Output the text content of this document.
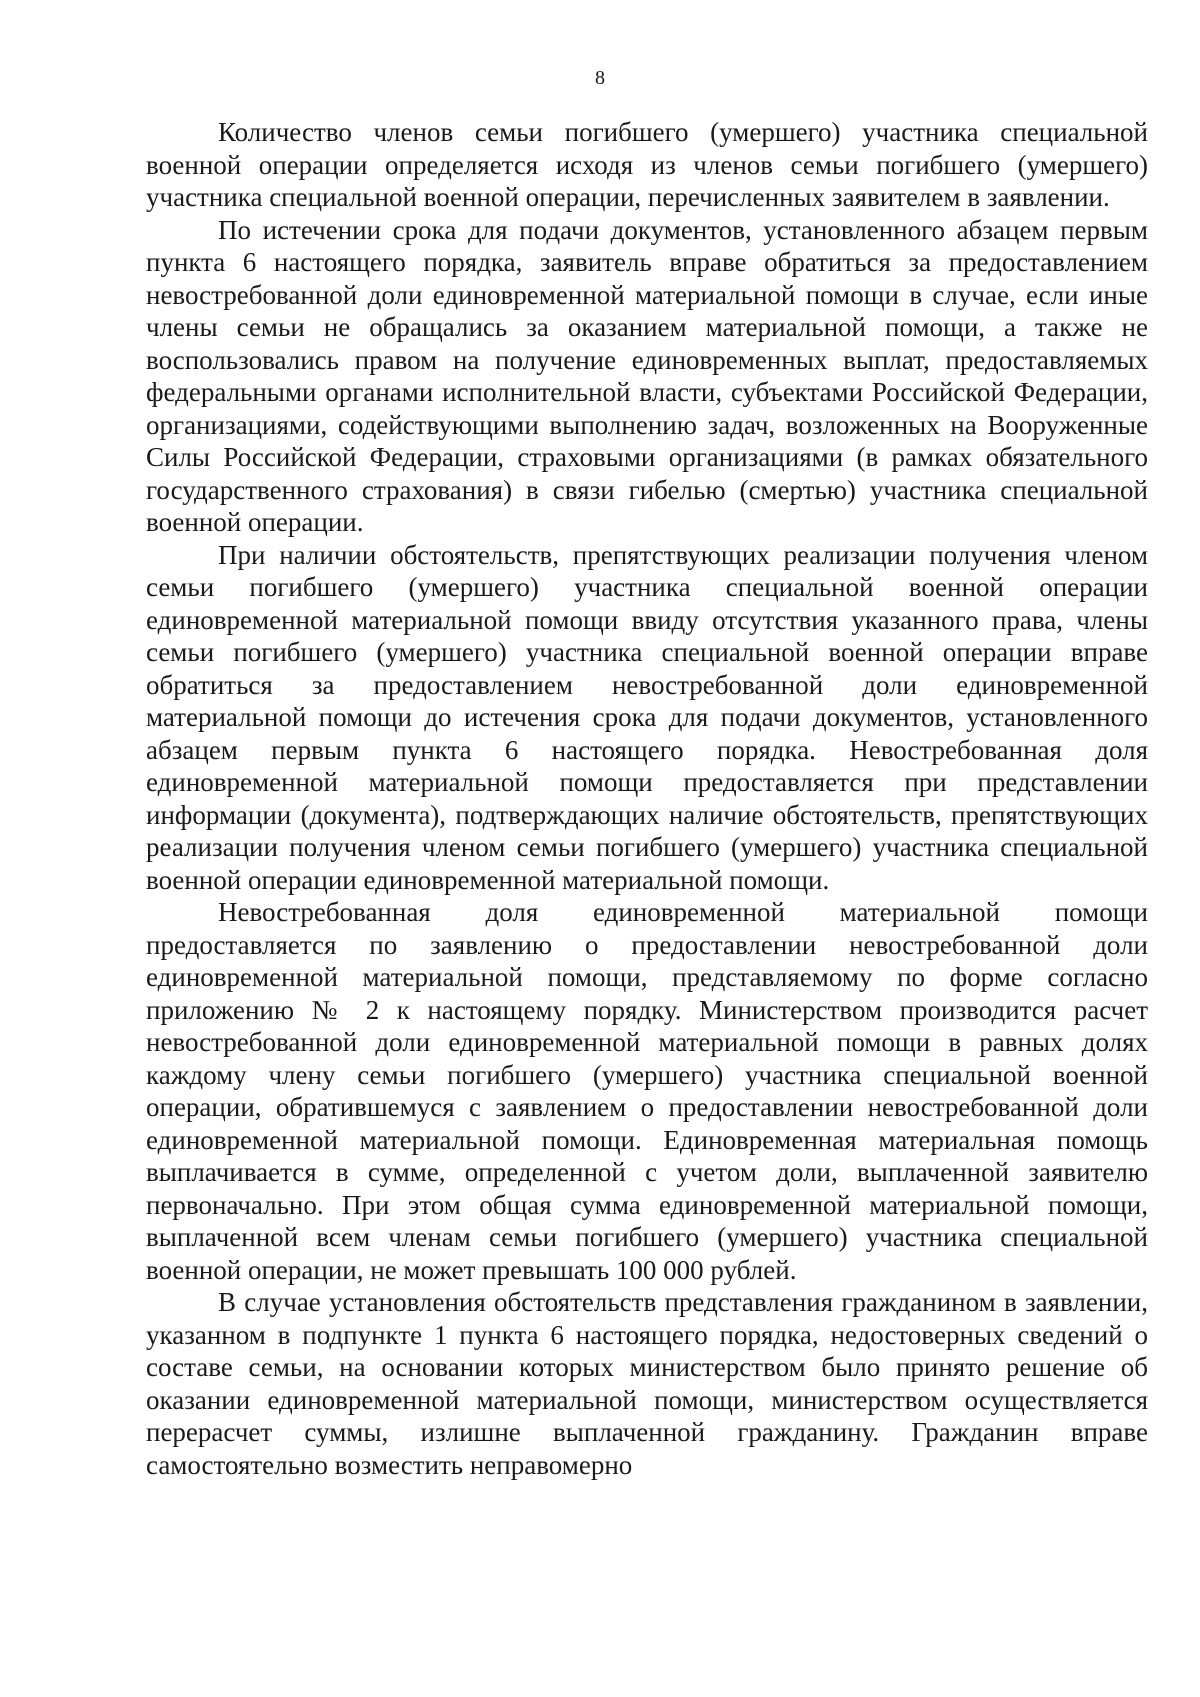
8

Количество членов семьи погибшего (умершего) участника специальной военной операции определяется исходя из членов семьи погибшего (умершего) участника специальной военной операции, перечисленных заявителем в заявлении.

По истечении срока для подачи документов, установленного абзацем первым пункта 6 настоящего порядка, заявитель вправе обратиться за предоставлением невостребованной доли единовременной материальной помощи в случае, если иные члены семьи не обращались за оказанием материальной помощи, а также не воспользовались правом на получение единовременных выплат, предоставляемых федеральными органами исполнительной власти, субъектами Российской Федерации, организациями, содействующими выполнению задач, возложенных на Вооруженные Силы Российской Федерации, страховыми организациями (в рамках обязательного государственного страхования) в связи гибелью (смертью) участника специальной военной операции.

При наличии обстоятельств, препятствующих реализации получения членом семьи погибшего (умершего) участника специальной военной операции единовременной материальной помощи ввиду отсутствия указанного права, члены семьи погибшего (умершего) участника специальной военной операции вправе обратиться за предоставлением невостребованной доли единовременной материальной помощи до истечения срока для подачи документов, установленного абзацем первым пункта 6 настоящего порядка. Невостребованная доля единовременной материальной помощи предоставляется при представлении информации (документа), подтверждающих наличие обстоятельств, препятствующих реализации получения членом семьи погибшего (умершего) участника специальной военной операции единовременной материальной помощи.

Невостребованная доля единовременной материальной помощи предоставляется по заявлению о предоставлении невостребованной доли единовременной материальной помощи, представляемому по форме согласно приложению № 2 к настоящему порядку. Министерством производится расчет невостребованной доли единовременной материальной помощи в равных долях каждому члену семьи погибшего (умершего) участника специальной военной операции, обратившемуся с заявлением о предоставлении невостребованной доли единовременной материальной помощи. Единовременная материальная помощь выплачивается в сумме, определенной с учетом доли, выплаченной заявителю первоначально. При этом общая сумма единовременной материальной помощи, выплаченной всем членам семьи погибшего (умершего) участника специальной военной операции, не может превышать 100 000 рублей.

В случае установления обстоятельств представления гражданином в заявлении, указанном в подпункте 1 пункта 6 настоящего порядка, недостоверных сведений о составе семьи, на основании которых министерством было принято решение об оказании единовременной материальной помощи, министерством осуществляется перерасчет суммы, излишне выплаченной гражданину. Гражданин вправе самостоятельно возместить неправомерно
